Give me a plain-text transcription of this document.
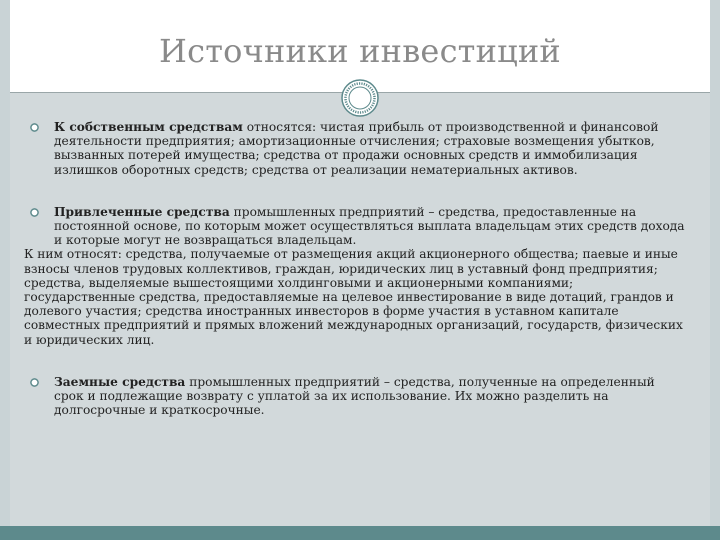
Источники инвестиций

К собственным средствам относятся: чистая прибыль от производственной и финансовой деятельности предприятия; амортизационные отчисления; страховые возмещения убытков, вызванных потерей имущества; средства от продажи основных средств и иммобилизация излишков оборотных средств; средства от реализации нематериальных активов.

Привлеченные средства промышленных предприятий – средства, предоставленные на постоянной основе, по которым может осуществляться выплата владельцам этих средств дохода и которые могут не возвращаться владельцам.

К ним относят: средства, получаемые от размещения акций акционерного общества; паевые и иные взносы членов трудовых коллективов, граждан, юридических лиц в уставный фонд предприятия; средства, выделяемые вышестоящими холдинговыми и акционерными компаниями; государственные средства, предоставляемые на целевое инвестирование в виде дотаций, грандов и долевого участия; средства иностранных инвесторов в форме участия в уставном капитале совместных предприятий и прямых вложений международных организаций, государств, физических и юридических лиц.

Заемные средства промышленных предприятий – средства, полученные на определенный срок и подлежащие возврату с уплатой за их использование. Их можно разделить на долгосрочные и краткосрочные.
